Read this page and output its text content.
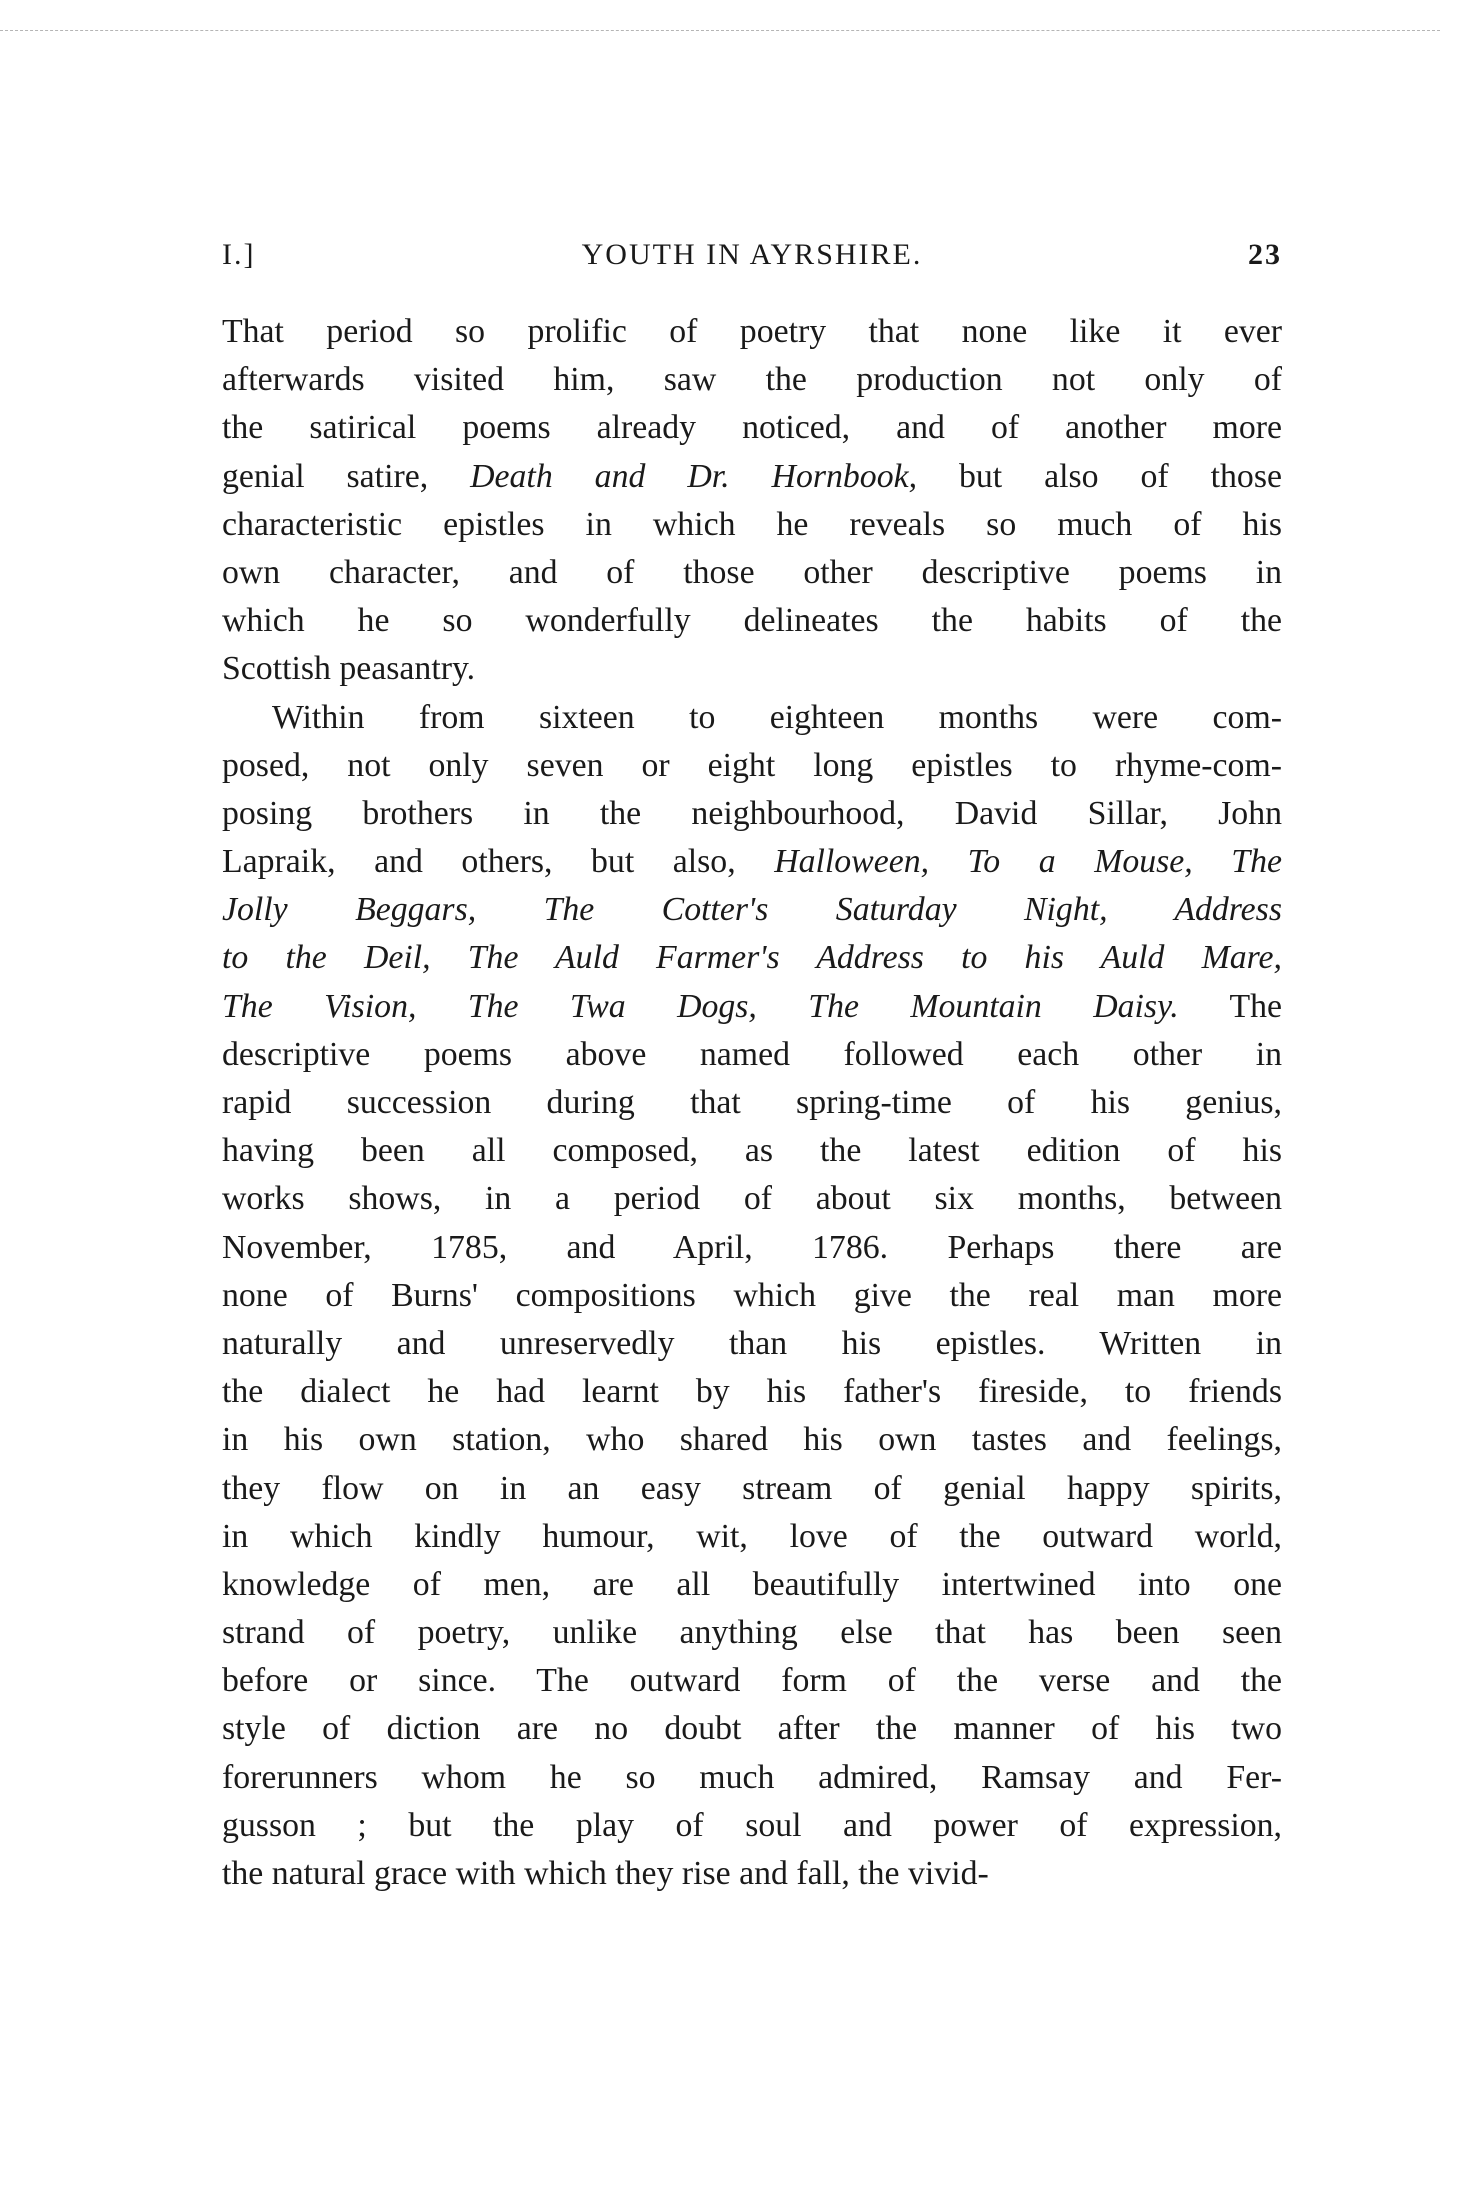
I.]	YOUTH IN AYRSHIRE.	23
That period so prolific of poetry that none like it ever
afterwards visited him, saw the production not only of
the satirical poems already noticed, and of another more
genial satire, Death and Dr. Hornbook, but also of those
characteristic epistles in which he reveals so much of his
own character, and of those other descriptive poems in
which he so wonderfully delineates the habits of the
Scottish peasantry.
Within from sixteen to eighteen months were com-
posed, not only seven or eight long epistles to rhyme-com-
posing brothers in the neighbourhood, David Sillar, John
Lapraik, and others, but also, Halloween, To a Mouse, The
Jolly Beggars, The Cotter's Saturday Night, Address
to the Deil, The Auld Farmer's Address to his Auld Mare,
The Vision, The Twa Dogs, The Mountain Daisy. The
descriptive poems above named followed each other in
rapid succession during that spring-time of his genius,
having been all composed, as the latest edition of his
works shows, in a period of about six months, between
November, 1785, and April, 1786. Perhaps there are
none of Burns' compositions which give the real man more
naturally and unreservedly than his epistles. Written in
the dialect he had learnt by his father's fireside, to friends
in his own station, who shared his own tastes and feelings,
they flow on in an easy stream of genial happy spirits,
in which kindly humour, wit, love of the outward world,
knowledge of men, are all beautifully intertwined into one
strand of poetry, unlike anything else that has been seen
before or since. The outward form of the verse and the
style of diction are no doubt after the manner of his two
forerunners whom he so much admired, Ramsay and Fer-
gusson ; but the play of soul and power of expression,
the natural grace with which they rise and fall, the vivid-
